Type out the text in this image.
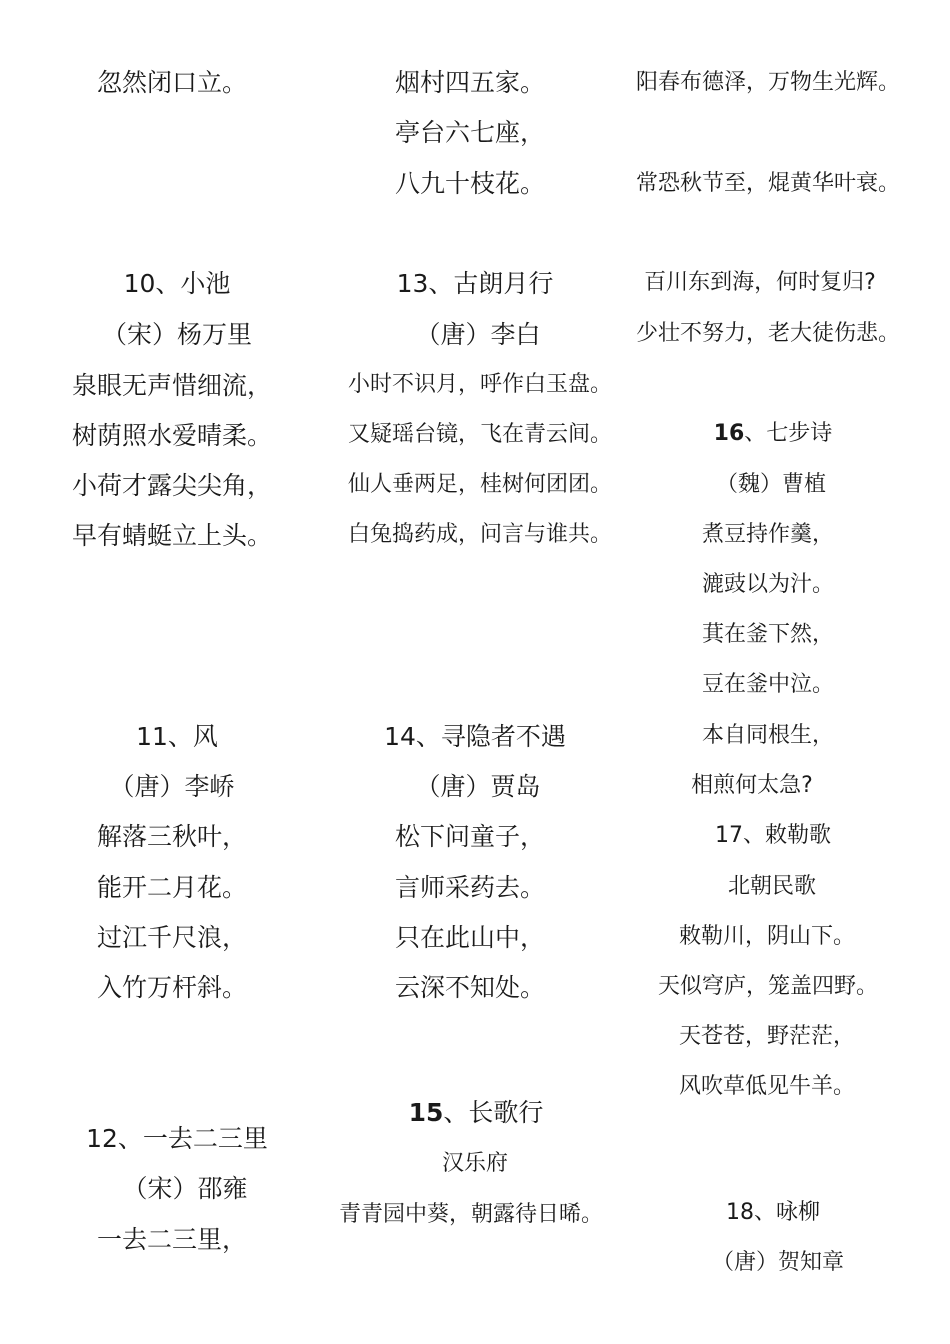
忽然闭口立。
10、小池
（宋）杨万里
泉眼无声惜细流，
树荫照水爱晴柔。
小荷才露尖尖角，
早有蜻蜓立上头。
11、风
（唐）李峤
解落三秋叶，
能开二月花。
过江千尺浪，
入竹万杆斜。
12、一去二三里
（宋）邵雍
一去二三里，
烟村四五家。
亭台六七座，
八九十枝花。
13、古朗月行
（唐）李白
小时不识月，呼作白玉盘。
又疑瑶台镜，飞在青云间。
仙人垂两足，桂树何团团。
白兔捣药成，问言与谁共。
14、寻隐者不遇
（唐）贾岛
松下问童子，
言师采药去。
只在此山中，
云深不知处。
15、长歌行
汉乐府
青青园中葵，朝露待日晞。
阳春布德泽，万物生光辉。
常恐秋节至，焜黄华叶衰。
百川东到海，何时复归?
少壮不努力，老大徒伤悲。
16、七步诗
（魏）曹植
煮豆持作羹，
漉豉以为汁。
萁在釜下然，
豆在釜中泣。
本自同根生，
相煎何太急?
17、敕勒歌
北朝民歌
敕勒川，阴山下。
天似穹庐，笼盖四野。
天苍苍，野茫茫，
风吹草低见牛羊。
18、咏柳
（唐）贺知章
